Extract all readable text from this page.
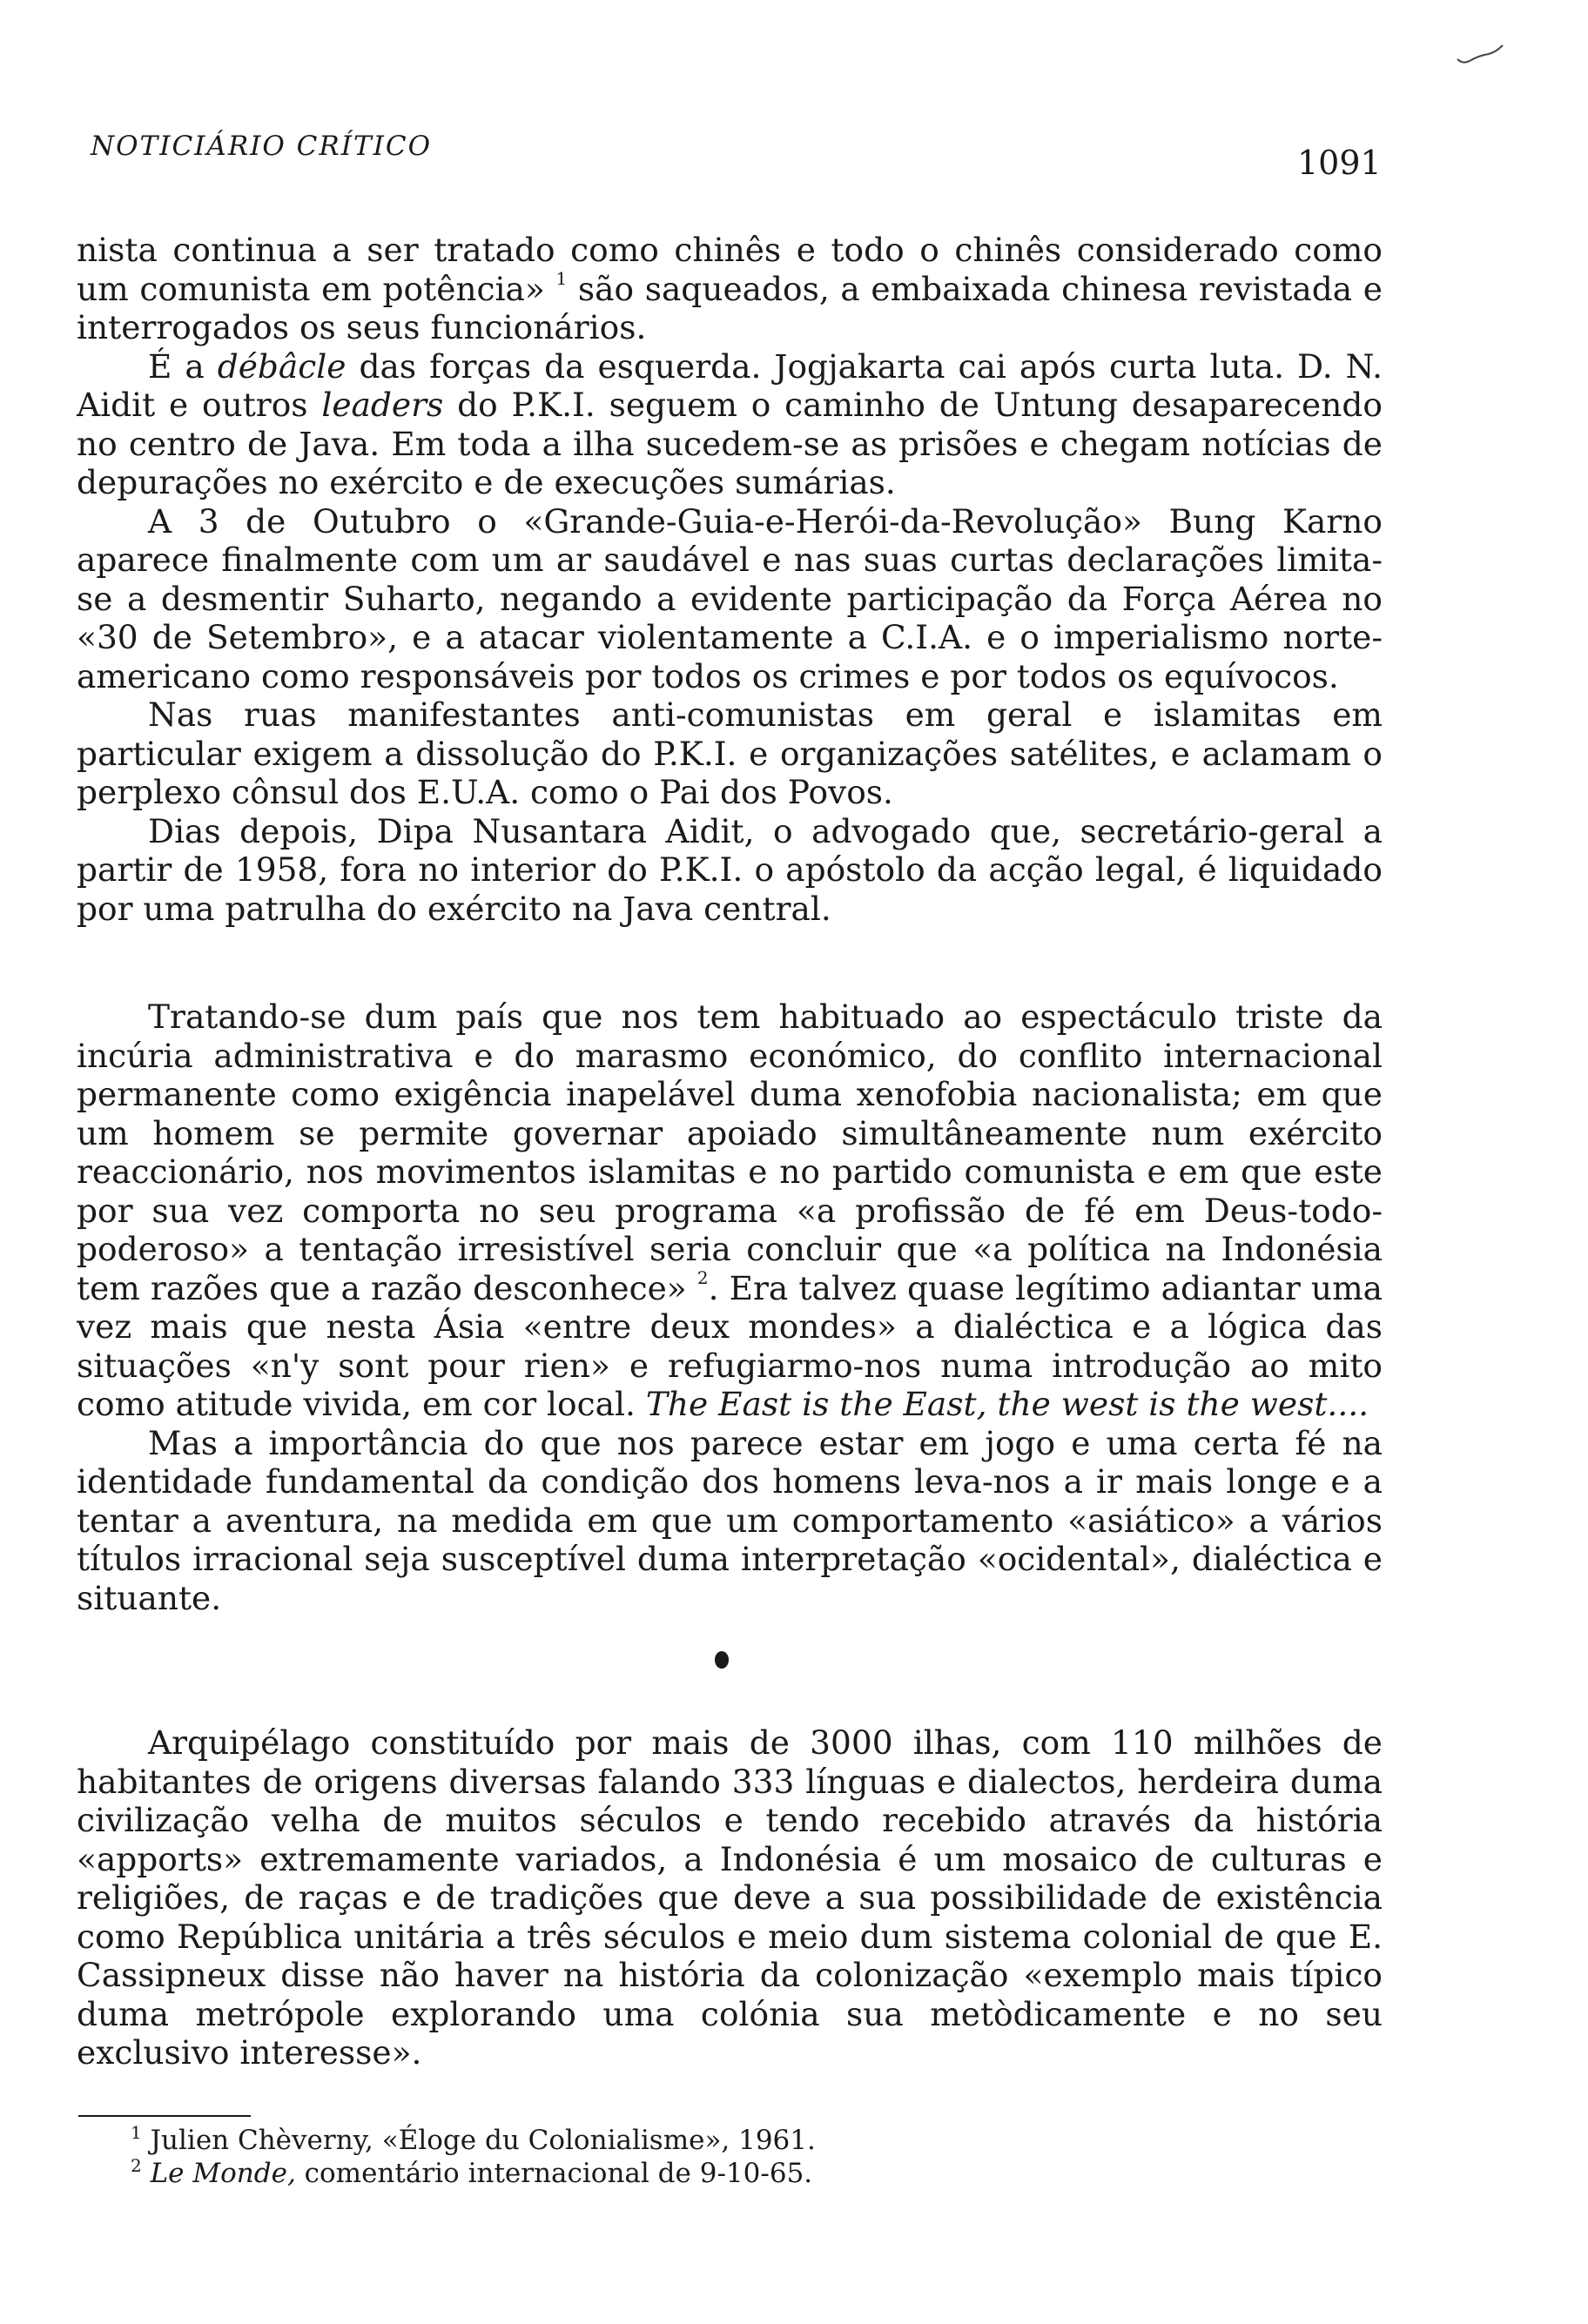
NOTICIÁRIO CRÍTICO	1091

nista continua a ser tratado como chinês e todo o chinês considerado como um comunista em potência» $^1$ são saqueados, a embaixada chinesa revistada e interrogados os seus funcionários.

É a débâcle das forças da esquerda. Jogjakarta cai após curta luta. D. N. Aidit e outros leaders do P.K.I. seguem o caminho de Untung desaparecendo no centro de Java. Em toda a ilha sucedem-se as prisões e chegam notícias de depurações no exército e de execuções sumárias.

A 3 de Outubro o «Grande-Guia-e-Herói-da-Revolução» Bung Karno aparece finalmente com um ar saudável e nas suas curtas declarações limita-se a desmentir Suharto, negando a evidente participação da Força Aérea no «30 de Setembro», e a atacar violentamente a C.I.A. e o imperialismo norte-americano como responsáveis por todos os crimes e por todos os equívocos.

Nas ruas manifestantes anti-comunistas em geral e islamitas em particular exigem a dissolução do P.K.I. e organizações satélites, e aclamam o perplexo cônsul dos E.U.A. como o Pai dos Povos.

Dias depois, Dipa Nusantara Aidit, o advogado que, secretário-geral a partir de 1958, fora no interior do P.K.I. o apóstolo da acção legal, é liquidado por uma patrulha do exército na Java central.

Tratando-se dum país que nos tem habituado ao espectáculo triste da incúria administrativa e do marasmo económico, do conflito internacional permanente como exigência inapelável duma xenofobia nacionalista; em que um homem se permite governar apoiado simultâneamente num exército reaccionário, nos movimentos islamitas e no partido comunista e em que este por sua vez comporta no seu programa «a profissão de fé em Deus-todo-poderoso» a tentação irresistível seria concluir que «a política na Indonésia tem razões que a razão desconhece» $^2$. Era talvez quase legítimo adiantar uma vez mais que nesta Ásia «entre deux mondes» a dialéctica e a lógica das situações «n'y sont pour rien» e refugiarmo-nos numa introdução ao mito como atitude vivida, em cor local. The East is the East, the west is the west....

Mas a importância do que nos parece estar em jogo e uma certa fé na identidade fundamental da condição dos homens leva-nos a ir mais longe e a tentar a aventura, na medida em que um comportamento «asiático» a vários títulos irracional seja susceptível duma interpretação «ocidental», dialéctica e situante.

Arquipélago constituído por mais de 3000 ilhas, com 110 milhões de habitantes de origens diversas falando 333 línguas e dialectos, herdeira duma civilização velha de muitos séculos e tendo recebido através da história «apports» extremamente variados, a Indonésia é um mosaico de culturas e religiões, de raças e de tradições que deve a sua possibilidade de existência como República unitária a três séculos e meio dum sistema colonial de que E. Cassipneux disse não haver na história da colonização «exemplo mais típico duma metrópole explorando uma colónia sua metòdicamente e no seu exclusivo interesse».

$^1$ Julien Chèverny, «Éloge du Colonialisme», 1961.

$^2$ Le Monde, comentário internacional de 9-10-65.
